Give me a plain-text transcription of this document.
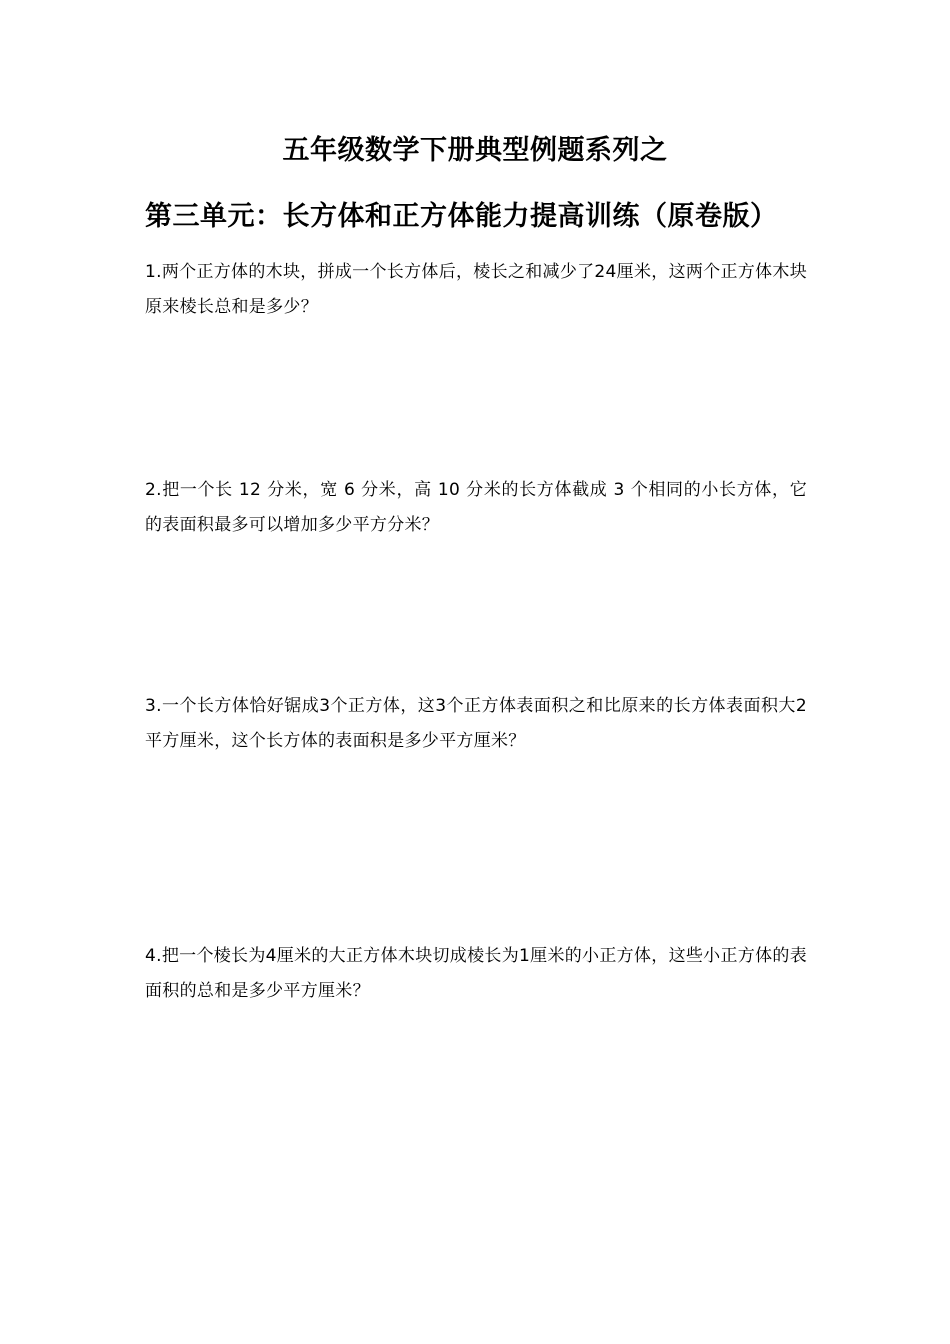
五年级数学下册典型例题系列之
第三单元：长方体和正方体能力提高训练（原卷版）
1.两个正方体的木块，拼成一个长方体后，棱长之和减少了24厘米，这两个正方体木块原来棱长总和是多少？
2.把一个长 12 分米，宽 6 分米，高 10 分米的长方体截成 3 个相同的小长方体，它的表面积最多可以增加多少平方分米？
3.一个长方体恰好锯成3个正方体，这3个正方体表面积之和比原来的长方体表面积大2平方厘米，这个长方体的表面积是多少平方厘米？
4.把一个棱长为4厘米的大正方体木块切成棱长为1厘米的小正方体，这些小正方体的表面积的总和是多少平方厘米？
